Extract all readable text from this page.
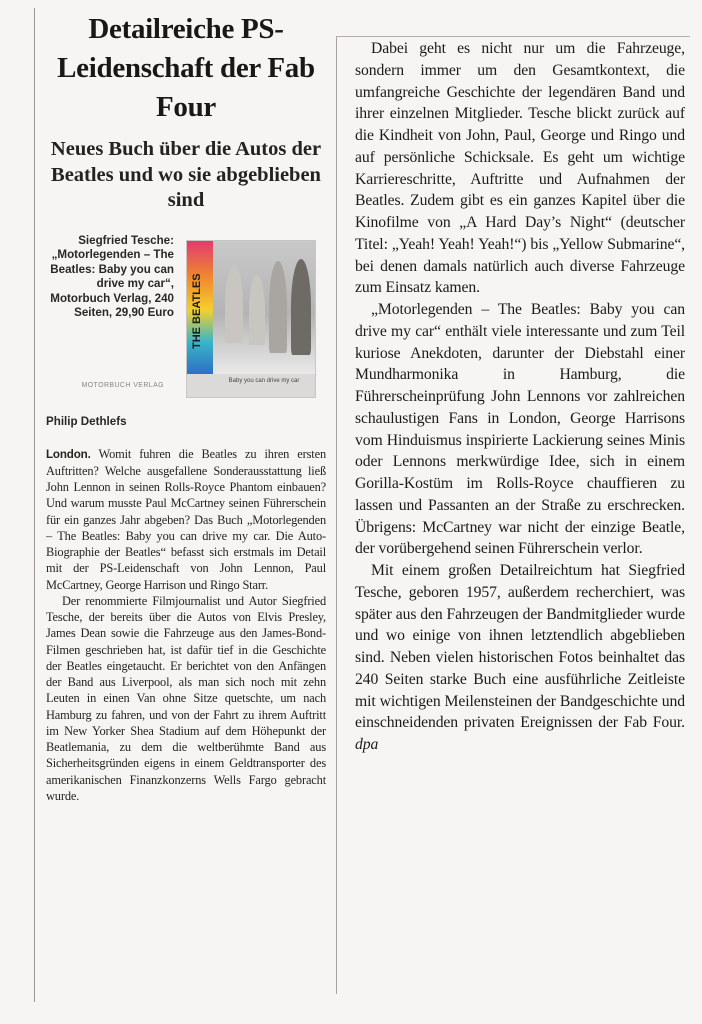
Detailreiche PS-Leidenschaft der Fab Four
Neues Buch über die Autos der Beatles und wo sie abgeblieben sind
Siegfried Tesche: „Motorlegenden – The Beatles: Baby you can drive my car“, Motorbuch Verlag, 240 Seiten, 29,90 Euro
MOTORBUCH VERLAG
THE BEATLES
Baby you can drive my car
Philip Dethlefs

London. Womit fuhren die Beatles zu ihren ersten Auftritten? Welche ausgefallene Sonderausstattung ließ John Lennon in seinen Rolls-Royce Phantom einbauen? Und warum musste Paul McCartney seinen Führerschein für ein ganzes Jahr abgeben? Das Buch „Motorlegenden – The Beatles: Baby you can drive my car. Die Auto-Biographie der Beatles“ befasst sich erstmals im Detail mit der PS-Leidenschaft von John Lennon, Paul McCartney, George Harrison und Ringo Starr.

Der renommierte Filmjournalist und Autor Siegfried Tesche, der bereits über die Autos von Elvis Presley, James Dean sowie die Fahrzeuge aus den James-Bond-Filmen geschrieben hat, ist dafür tief in die Geschichte der Beatles eingetaucht. Er berichtet von den Anfängen der Band aus Liverpool, als man sich noch mit zehn Leuten in einen Van ohne Sitze quetschte, um nach Hamburg zu fahren, und von der Fahrt zu ihrem Auftritt im New Yorker Shea Stadium auf dem Höhepunkt der Beatlemania, zu dem die weltberühmte Band aus Sicherheitsgründen eigens in einem Geldtransporter des amerikanischen Finanzkonzerns Wells Fargo gebracht wurde.

Dabei geht es nicht nur um die Fahrzeuge, sondern immer um den Gesamtkontext, die umfangreiche Geschichte der legendären Band und ihrer einzelnen Mitglieder. Tesche blickt zurück auf die Kindheit von John, Paul, George und Ringo und auf persönliche Schicksale. Es geht um wichtige Karriereschritte, Auftritte und Aufnahmen der Beatles. Zudem gibt es ein ganzes Kapitel über die Kinofilme von „A Hard Day’s Night“ (deutscher Titel: „Yeah! Yeah! Yeah!“) bis „Yellow Submarine“, bei denen damals natürlich auch diverse Fahrzeuge zum Einsatz kamen.

„Motorlegenden – The Beatles: Baby you can drive my car“ enthält viele interessante und zum Teil kuriose Anekdoten, darunter der Diebstahl einer Mundharmonika in Hamburg, die Führerscheinprüfung John Lennons vor zahlreichen schaulustigen Fans in London, George Harrisons vom Hinduismus inspirierte Lackierung seines Minis oder Lennons merkwürdige Idee, sich in einem Gorilla-Kostüm im Rolls-Royce chauffieren zu lassen und Passanten an der Straße zu erschrecken. Übrigens: McCartney war nicht der einzige Beatle, der vorübergehend seinen Führerschein verlor.

Mit einem großen Detailreichtum hat Siegfried Tesche, geboren 1957, außerdem recherchiert, was später aus den Fahrzeugen der Bandmitglieder wurde und wo einige von ihnen letztendlich abgeblieben sind. Neben vielen historischen Fotos beinhaltet das 240 Seiten starke Buch eine ausführliche Zeitleiste mit wichtigen Meilensteinen der Bandgeschichte und einschneidenden privaten Ereignissen der Fab Four. dpa
